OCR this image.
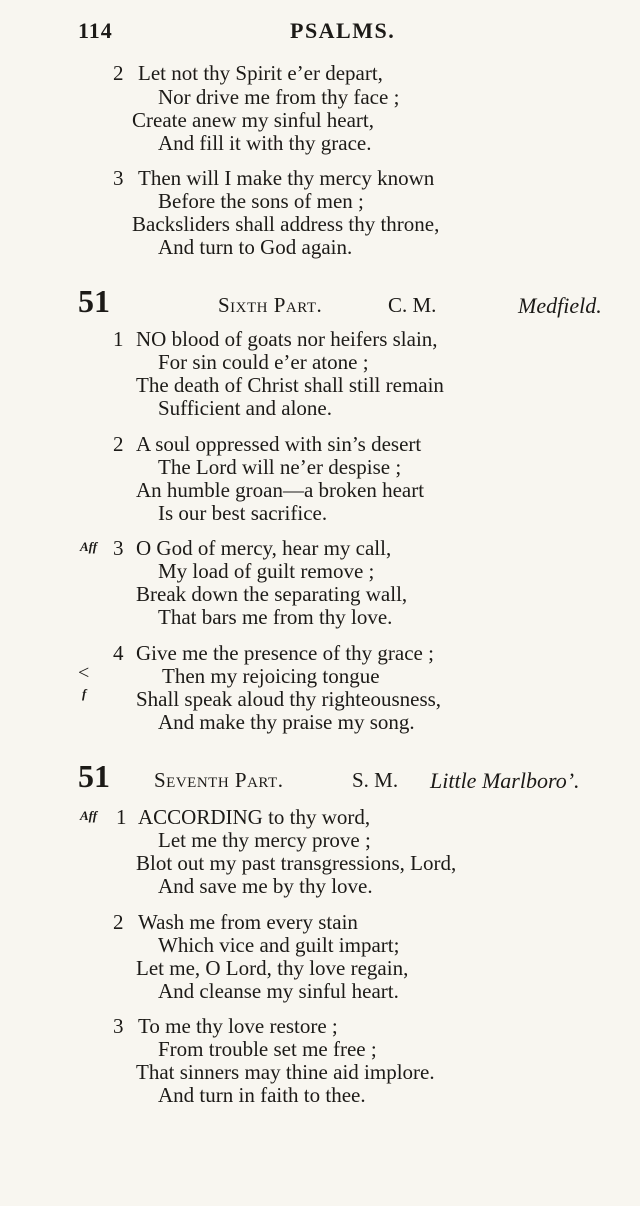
114	PSALMS.
2 Let not thy Spirit e’er depart,
Nor drive me from thy face ;
Create anew my sinful heart,
And fill it with thy grace.
3 Then will I make thy mercy known
Before the sons of men ;
Backsliders shall address thy throne,
And turn to God again.
51	Sixth Part.	C. M.	Medfield.
1 NO blood of goats nor heifers slain,
For sin could e’er atone ;
The death of Christ shall still remain
Sufficient and alone.
2 A soul oppressed with sin’s desert
The Lord will ne’er despise ;
An humble groan—a broken heart
Is our best sacrifice.
Aff 3 O God of mercy, hear my call,
My load of guilt remove ;
Break down the separating wall,
That bars me from thy love.
4 Give me the presence of thy grace ;
<	Then my rejoicing tongue
f Shall speak aloud thy righteousness,
And make thy praise my song.
51 Seventh Part.	S. M. Little Marlboro’.
Aff 1 ACCORDING to thy word,
Let me thy mercy prove ;
Blot out my past transgressions, Lord,
And save me by thy love.
2 Wash me from every stain
Which vice and guilt impart;
Let me, O Lord, thy love regain,
And cleanse my sinful heart.
3 To me thy love restore ;
From trouble set me free ;
That sinners may thine aid implore.
And turn in faith to thee.
